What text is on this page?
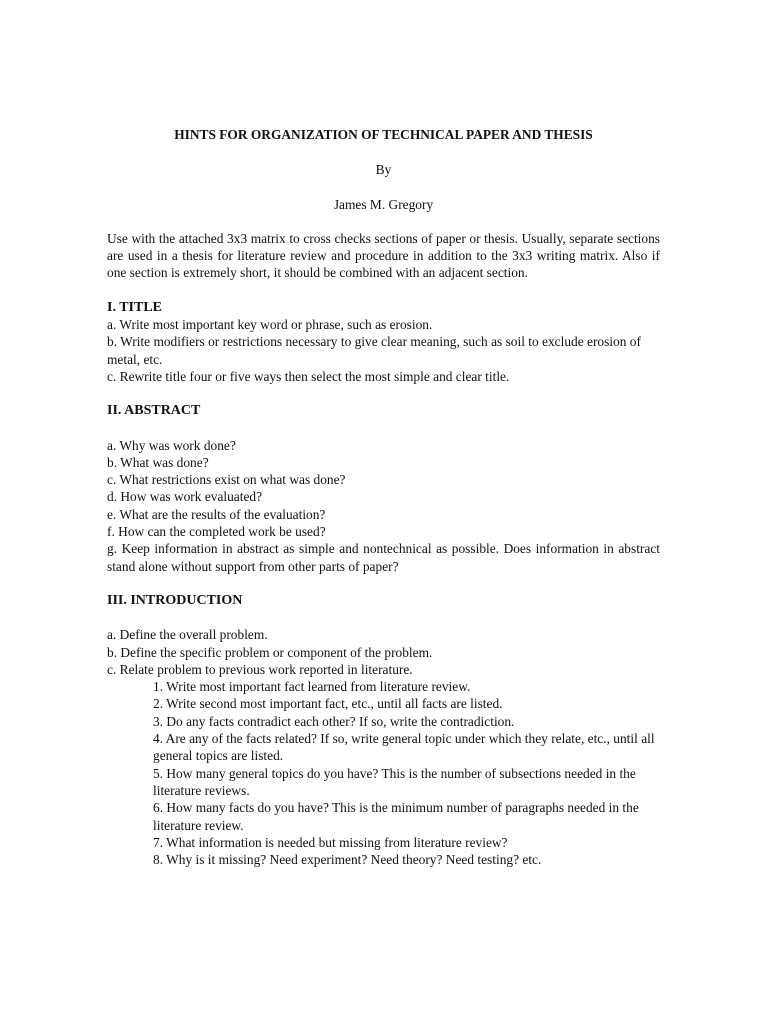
HINTS FOR ORGANIZATION OF TECHNICAL PAPER AND THESIS
By
James M. Gregory
Use with the attached 3x3 matrix to cross checks sections of paper or thesis. Usually, separate sections are used in a thesis for literature review and procedure in addition to the 3x3 writing matrix. Also if one section is extremely short, it should be combined with an adjacent section.
I. TITLE
a. Write most important key word or phrase, such as erosion.
b. Write modifiers or restrictions necessary to give clear meaning, such as soil to exclude erosion of metal, etc.
c. Rewrite title four or five ways then select the most simple and clear title.
II. ABSTRACT
a. Why was work done?
b. What was done?
c. What restrictions exist on what was done?
d. How was work evaluated?
e. What are the results of the evaluation?
f. How can the completed work be used?
g. Keep information in abstract as simple and nontechnical as possible. Does information in abstract stand alone without support from other parts of paper?
III. INTRODUCTION
a. Define the overall problem.
b. Define the specific problem or component of the problem.
c. Relate problem to previous work reported in literature.
1. Write most important fact learned from literature review.
2. Write second most important fact, etc., until all facts are listed.
3. Do any facts contradict each other? If so, write the contradiction.
4. Are any of the facts related? If so, write general topic under which they relate, etc., until all general topics are listed.
5. How many general topics do you have? This is the number of subsections needed in the literature reviews.
6. How many facts do you have? This is the minimum number of paragraphs needed in the literature review.
7. What information is needed but missing from literature review?
8. Why is it missing? Need experiment? Need theory? Need testing? etc.
